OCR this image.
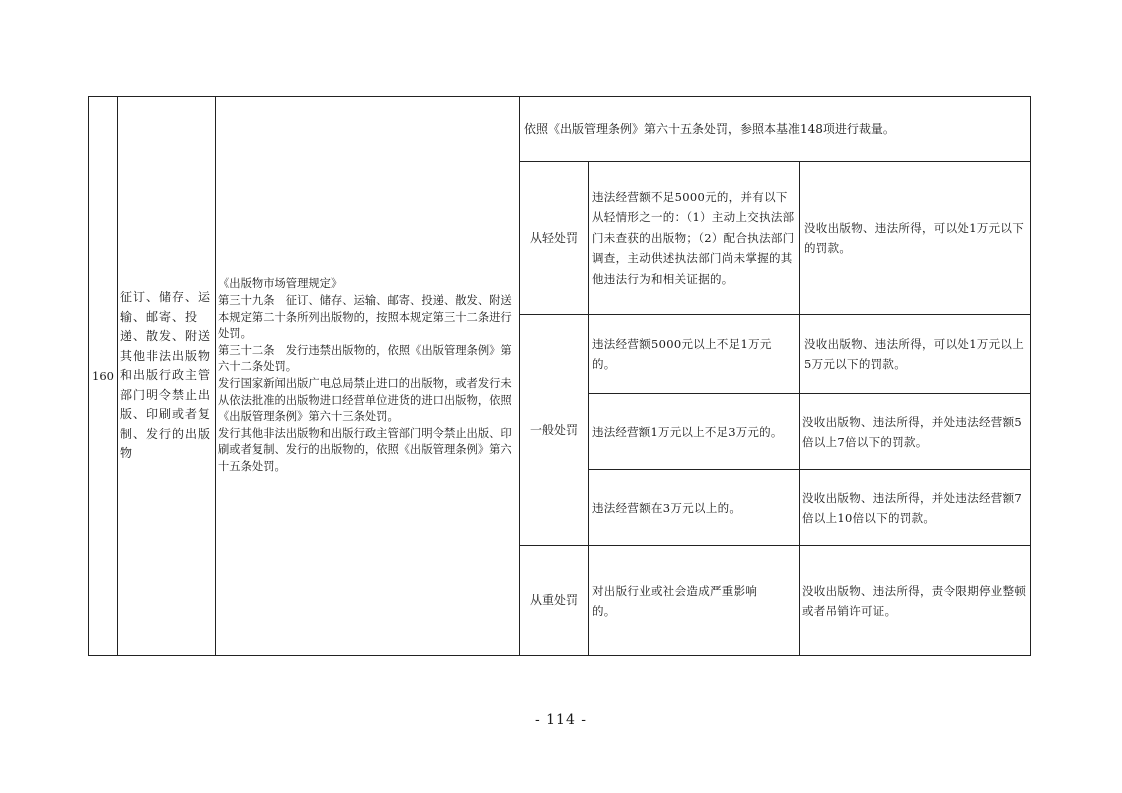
160
征订、储存、运输、邮寄、投递、散发、附送其他非法出版物和出版行政主管部门明令禁止出版、印刷或者复制、发行的出版物
《出版物市场管理规定》
第三十九条　征订、储存、运输、邮寄、投递、散发、附送本规定第二十条所列出版物的，按照本规定第三十二条进行处罚。
第三十二条　发行违禁出版物的，依照《出版管理条例》第六十二条处罚。
发行国家新闻出版广电总局禁止进口的出版物，或者发行未从依法批准的出版物进口经营单位进货的进口出版物，依照《出版管理条例》第六十三条处罚。
发行其他非法出版物和出版行政主管部门明令禁止出版、印刷或者复制、发行的出版物的，依照《出版管理条例》第六十五条处罚。
依照《出版管理条例》第六十五条处罚，参照本基准148项进行裁量。
从轻处罚
一般处罚
从重处罚
违法经营额不足5000元的，并有以下从轻情形之一的：（1）主动上交执法部门未查获的出版物；（2）配合执法部门调查，主动供述执法部门尚未掌握的其他违法行为和相关证据的。
违法经营额5000元以上不足1万元的。
违法经营额1万元以上不足3万元的。
违法经营额在3万元以上的。
对出版行业或社会造成严重影响的。
没收出版物、违法所得，可以处1万元以下的罚款。
没收出版物、违法所得，可以处1万元以上5万元以下的罚款。
没收出版物、违法所得，并处违法经营额5倍以上7倍以下的罚款。
没收出版物、违法所得，并处违法经营额7倍以上10倍以下的罚款。
没收出版物、违法所得，责令限期停业整顿或者吊销许可证。
- 114 -
